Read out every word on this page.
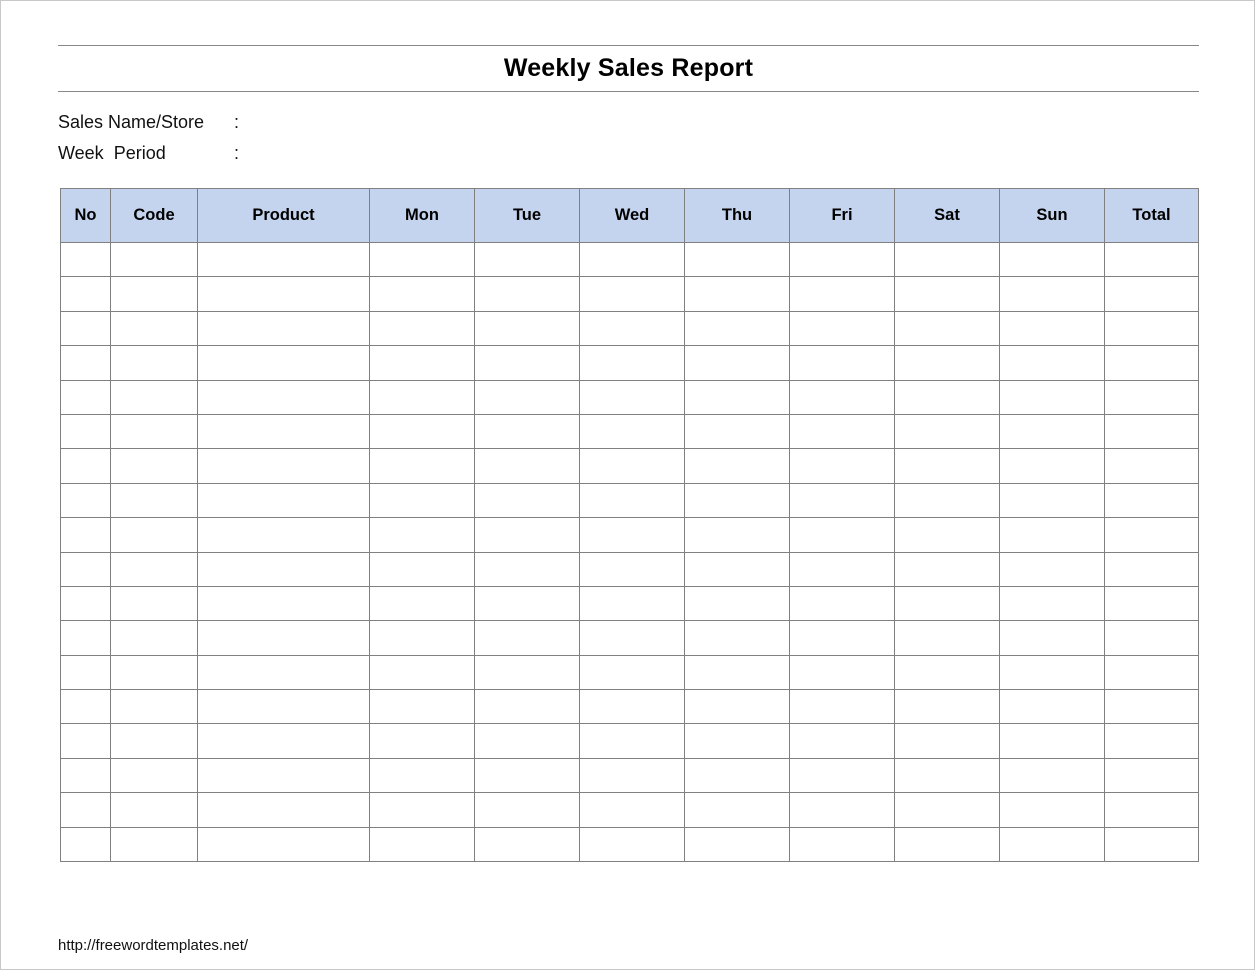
Weekly Sales Report
Sales Name/Store	:
Week  Period	:
No	Code	Product	Mon	Tue	Wed	Thu	Fri	Sat	Sun	Total

http://freewordtemplates.net/
